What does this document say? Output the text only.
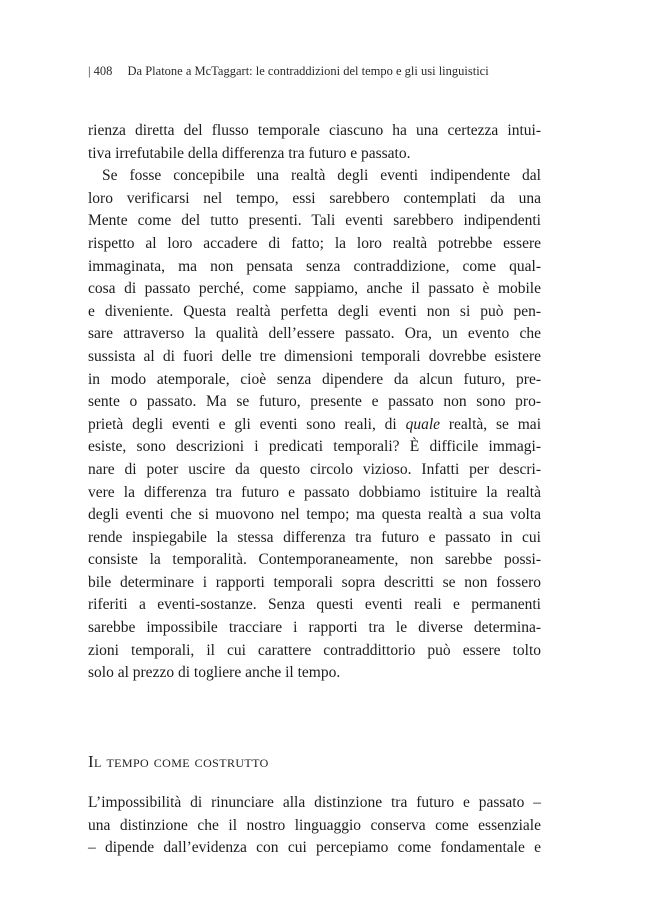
| 408 Da Platone a McTaggart: le contraddizioni del tempo e gli usi linguistici
rienza diretta del flusso temporale ciascuno ha una certezza intui-
tiva irrefutabile della differenza tra futuro e passato.
Se fosse concepibile una realtà degli eventi indipendente dal
loro verificarsi nel tempo, essi sarebbero contemplati da una
Mente come del tutto presenti. Tali eventi sarebbero indipendenti
rispetto al loro accadere di fatto; la loro realtà potrebbe essere
immaginata, ma non pensata senza contraddizione, come qual-
cosa di passato perché, come sappiamo, anche il passato è mobile
e diveniente. Questa realtà perfetta degli eventi non si può pen-
sare attraverso la qualità dell’essere passato. Ora, un evento che
sussista al di fuori delle tre dimensioni temporali dovrebbe esistere
in modo atemporale, cioè senza dipendere da alcun futuro, pre-
sente o passato. Ma se futuro, presente e passato non sono pro-
prietà degli eventi e gli eventi sono reali, di quale realtà, se mai
esiste, sono descrizioni i predicati temporali? È difficile immagi-
nare di poter uscire da questo circolo vizioso. Infatti per descri-
vere la differenza tra futuro e passato dobbiamo istituire la realtà
degli eventi che si muovono nel tempo; ma questa realtà a sua volta
rende inspiegabile la stessa differenza tra futuro e passato in cui
consiste la temporalità. Contemporaneamente, non sarebbe possi-
bile determinare i rapporti temporali sopra descritti se non fossero
riferiti a eventi-sostanze. Senza questi eventi reali e permanenti
sarebbe impossibile tracciare i rapporti tra le diverse determina-
zioni temporali, il cui carattere contraddittorio può essere tolto
solo al prezzo di togliere anche il tempo.
Il tempo come costrutto
L’impossibilità di rinunciare alla distinzione tra futuro e passato –
una distinzione che il nostro linguaggio conserva come essenziale
– dipende dall’evidenza con cui percepiamo come fondamentale e
